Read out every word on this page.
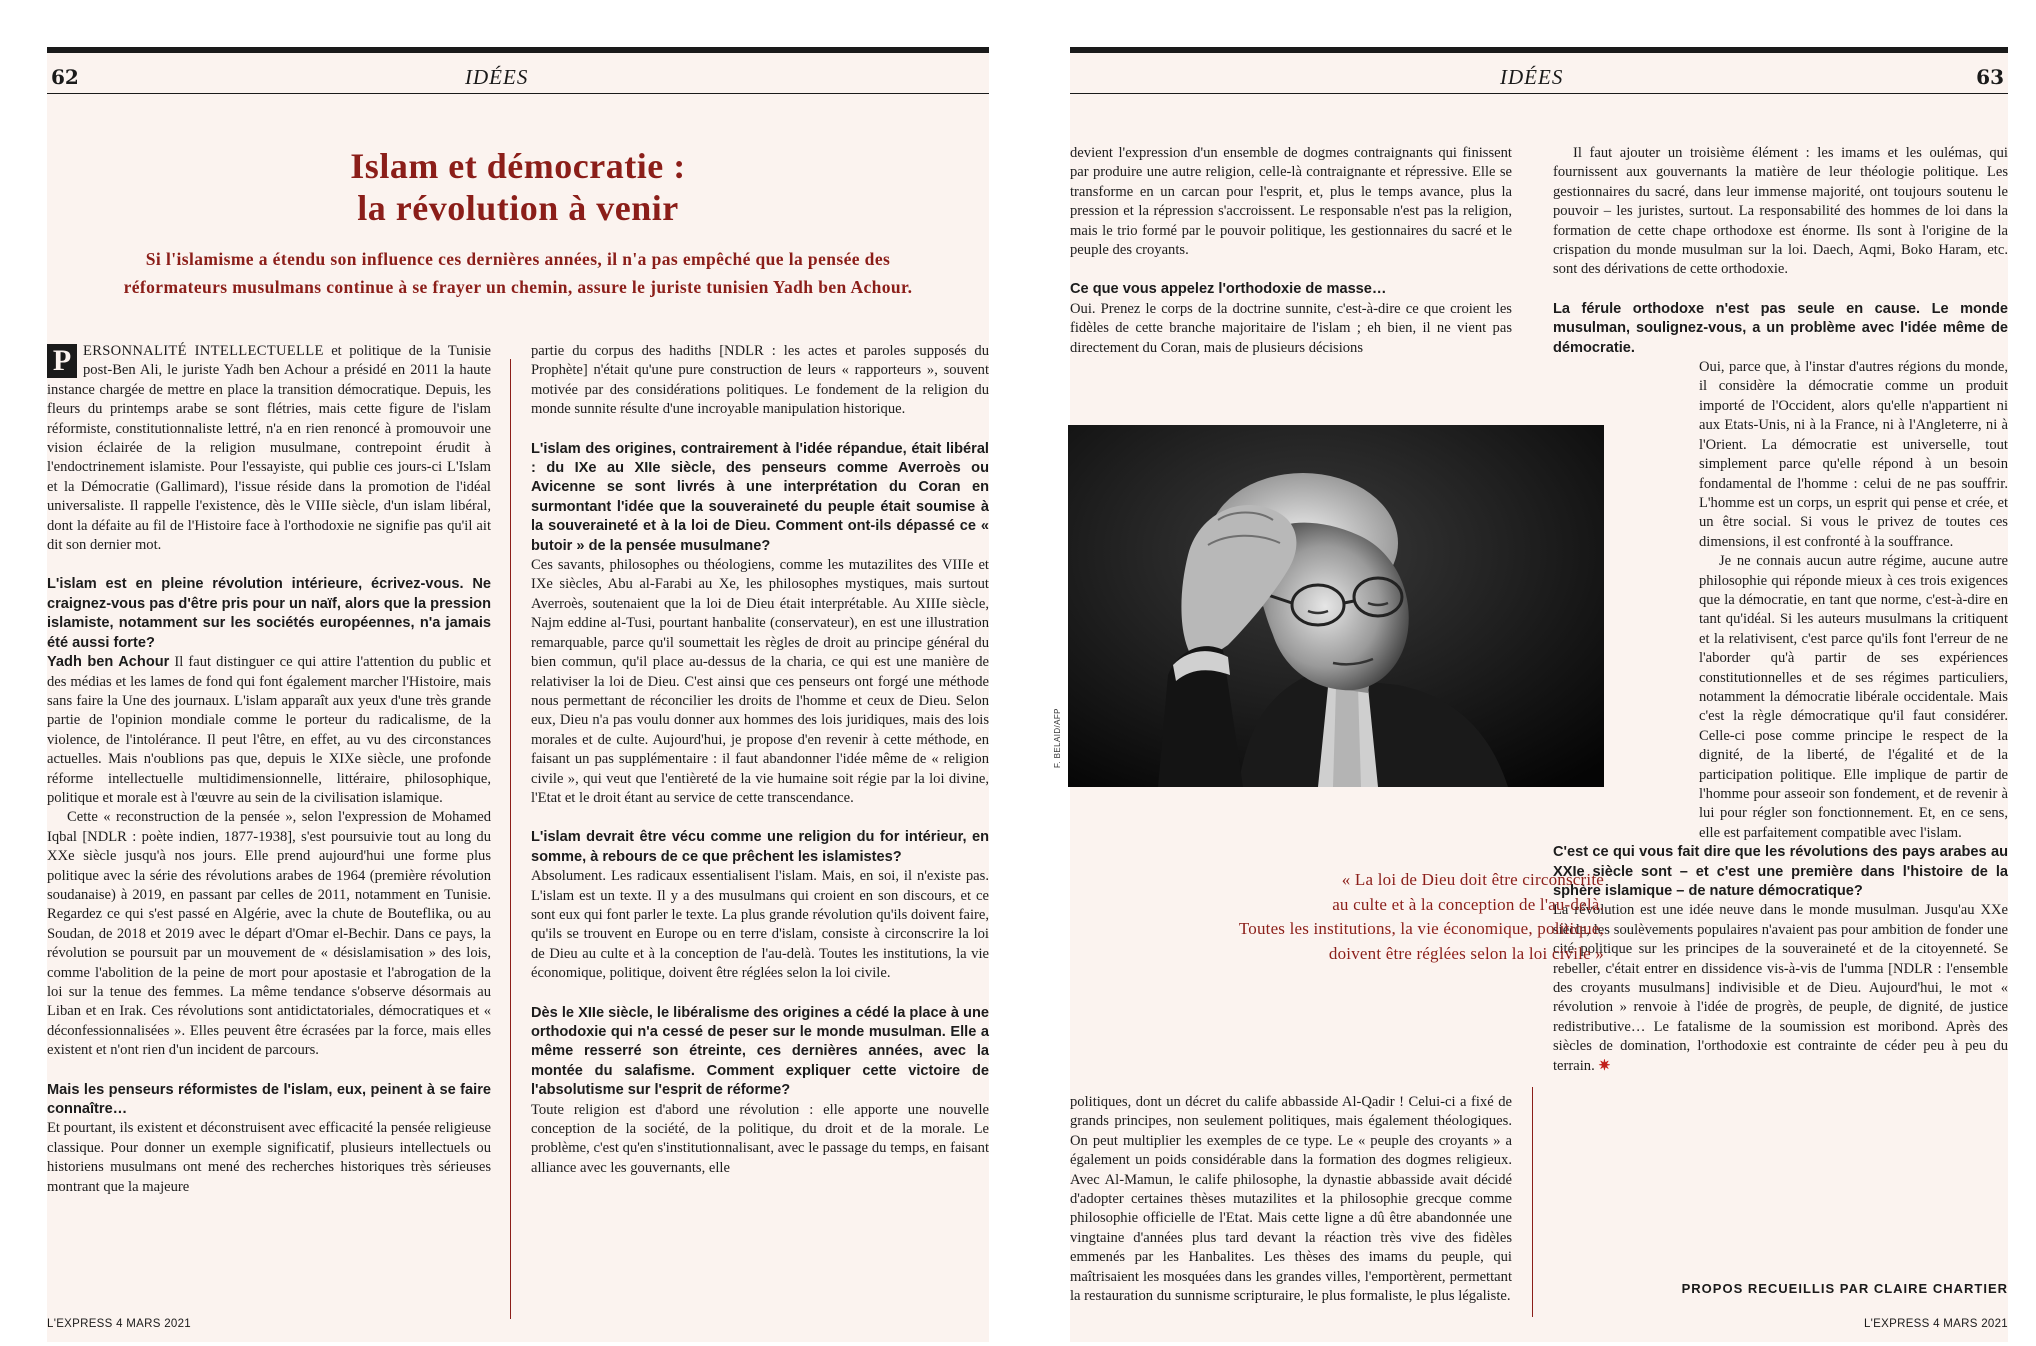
62	IDÉES
Islam et démocratie :
la révolution à venir
Si l'islamisme a étendu son influence ces dernières années, il n'a pas empêché que la pensée des
réformateurs musulmans continue à se frayer un chemin, assure le juriste tunisien Yadh ben Achour.

P ERSONNALITÉ INTELLECTUELLE et politique de la Tunisie post-Ben Ali, le juriste Yadh ben Achour a présidé en 2011 la haute instance chargée de mettre en place la transition démocratique. Depuis, les fleurs du printemps arabe se sont flétries, mais cette figure de l'islam réformiste, constitutionnaliste lettré, n'a en rien renoncé à promouvoir une vision éclairée de la religion musulmane, contrepoint érudit à l'endoctrinement islamiste. Pour l'essayiste, qui publie ces jours-ci L'Islam et la Démocratie (Gallimard), l'issue réside dans la promotion de l'idéal universaliste. Il rappelle l'existence, dès le VIIIe siècle, d'un islam libéral, dont la défaite au fil de l'Histoire face à l'orthodoxie ne signifie pas qu'il ait dit son dernier mot.

L'islam est en pleine révolution intérieure, écrivez-vous. Ne craignez-vous pas d'être pris pour un naïf, alors que la pression islamiste, notamment sur les sociétés européennes, n'a jamais été aussi forte?

Yadh ben Achour Il faut distinguer ce qui attire l'attention du public et des médias et les lames de fond qui font également marcher l'Histoire, mais sans faire la Une des journaux. L'islam apparaît aux yeux d'une très grande partie de l'opinion mondiale comme le porteur du radicalisme, de la violence, de l'intolérance. Il peut l'être, en effet, au vu des circonstances actuelles. Mais n'oublions pas que, depuis le XIXe siècle, une profonde réforme intellectuelle multidimensionnelle, littéraire, philosophique, politique et morale est à l'œuvre au sein de la civilisation islamique.

Cette « reconstruction de la pensée », selon l'expression de Mohamed Iqbal [NDLR : poète indien, 1877-1938], s'est poursuivie tout au long du XXe siècle jusqu'à nos jours. Elle prend aujourd'hui une forme plus politique avec la série des révolutions arabes de 1964 (première révolution soudanaise) à 2019, en passant par celles de 2011, notamment en Tunisie. Regardez ce qui s'est passé en Algérie, avec la chute de Bouteflika, ou au Soudan, de 2018 et 2019 avec le départ d'Omar el-Bechir. Dans ce pays, la révolution se poursuit par un mouvement de « désislamisation » des lois, comme l'abolition de la peine de mort pour apostasie et l'abrogation de la loi sur la tenue des femmes. La même tendance s'observe désormais au Liban et en Irak. Ces révolutions sont antidictatoriales, démocratiques et « déconfessionnalisées ». Elles peuvent être écrasées par la force, mais elles existent et n'ont rien d'un incident de parcours.

Mais les penseurs réformistes de l'islam, eux, peinent à se faire connaître…

Et pourtant, ils existent et déconstruisent avec efficacité la pensée religieuse classique. Pour donner un exemple significatif, plusieurs intellectuels ou historiens musulmans ont mené des recherches historiques très sérieuses montrant que la majeure

partie du corpus des hadiths [NDLR : les actes et paroles supposés du Prophète] n'était qu'une pure construction de leurs « rapporteurs », souvent motivée par des considérations politiques. Le fondement de la religion du monde sunnite résulte d'une incroyable manipulation historique.

L'islam des origines, contrairement à l'idée répandue, était libéral : du IXe au XIIe siècle, des penseurs comme Averroès ou Avicenne se sont livrés à une interprétation du Coran en surmontant l'idée que la souveraineté du peuple était soumise à la souveraineté et à la loi de Dieu. Comment ont-ils dépassé ce « butoir » de la pensée musulmane?

Ces savants, philosophes ou théologiens, comme les mutazilites des VIIIe et IXe siècles, Abu al-Farabi au Xe, les philosophes mystiques, mais surtout Averroès, soutenaient que la loi de Dieu était interprétable. Au XIIIe siècle, Najm eddine al-Tusi, pourtant hanbalite (conservateur), en est une illustration remarquable, parce qu'il soumettait les règles de droit au principe général du bien commun, qu'il place au-dessus de la charia, ce qui est une manière de relativiser la loi de Dieu. C'est ainsi que ces penseurs ont forgé une méthode nous permettant de réconcilier les droits de l'homme et ceux de Dieu. Selon eux, Dieu n'a pas voulu donner aux hommes des lois juridiques, mais des lois morales et de culte. Aujourd'hui, je propose d'en revenir à cette méthode, en faisant un pas supplémentaire : il faut abandonner l'idée même de « religion civile », qui veut que l'entièreté de la vie humaine soit régie par la loi divine, l'Etat et le droit étant au service de cette transcendance.

L'islam devrait être vécu comme une religion du for intérieur, en somme, à rebours de ce que prêchent les islamistes?

Absolument. Les radicaux essentialisent l'islam. Mais, en soi, il n'existe pas. L'islam est un texte. Il y a des musulmans qui croient en son discours, et ce sont eux qui font parler le texte. La plus grande révolution qu'ils doivent faire, qu'ils se trouvent en Europe ou en terre d'islam, consiste à circonscrire la loi de Dieu au culte et à la conception de l'au-delà. Toutes les institutions, la vie économique, politique, doivent être réglées selon la loi civile.

Dès le XIIe siècle, le libéralisme des origines a cédé la place à une orthodoxie qui n'a cessé de peser sur le monde musulman. Elle a même resserré son étreinte, ces dernières années, avec la montée du salafisme. Comment expliquer cette victoire de l'absolutisme sur l'esprit de réforme?

Toute religion est d'abord une révolution : elle apporte une nouvelle conception de la société, de la politique, du droit et de la morale. Le problème, c'est qu'en s'institutionnalisant, avec le passage du temps, en faisant alliance avec les gouvernants, elle

L'EXPRESS 4 MARS 2021
IDÉES	63

devient l'expression d'un ensemble de dogmes contraignants qui finissent par produire une autre religion, celle-là contraignante et répressive. Elle se transforme en un carcan pour l'esprit, et, plus le temps avance, plus la pression et la répression s'accroissent. Le responsable n'est pas la religion, mais le trio formé par le pouvoir politique, les gestionnaires du sacré et le peuple des croyants.

Ce que vous appelez l'orthodoxie de masse…

Oui. Prenez le corps de la doctrine sunnite, c'est-à-dire ce que croient les fidèles de cette branche majoritaire de l'islam ; eh bien, il ne vient pas directement du Coran, mais de plusieurs décisions

politiques, dont un décret du calife abbasside Al-Qadir ! Celui-ci a fixé de grands principes, non seulement politiques, mais également théologiques. On peut multiplier les exemples de ce type. Le « peuple des croyants » a également un poids considérable dans la formation des dogmes religieux. Avec Al-Mamun, le calife philosophe, la dynastie abbasside avait décidé d'adopter certaines thèses mutazilites et la philosophie grecque comme philosophie officielle de l'Etat. Mais cette ligne a dû être abandonnée une vingtaine d'années plus tard devant la réaction très vive des fidèles emmenés par les Hanbalites. Les thèses des imams du peuple, qui maîtrisaient les mosquées dans les grandes villes, l'emportèrent, permettant la restauration du sunnisme scripturaire, le plus formaliste, le plus légaliste.

Il faut ajouter un troisième élément : les imams et les oulémas, qui fournissent aux gouvernants la matière de leur théologie politique. Les gestionnaires du sacré, dans leur immense majorité, ont toujours soutenu le pouvoir – les juristes, surtout. La responsabilité des hommes de loi dans la formation de cette chape orthodoxe est énorme. Ils sont à l'origine de la crispation du monde musulman sur la loi. Daech, Aqmi, Boko Haram, etc. sont des dérivations de cette orthodoxie.

La férule orthodoxe n'est pas seule en cause. Le monde musulman, soulignez-vous, a un problème avec l'idée même de démocratie.

Oui, parce que, à l'instar d'autres régions du monde, il considère la démocratie comme un produit importé de l'Occident, alors qu'elle n'appartient ni aux Etats-Unis, ni à la France, ni à l'Angleterre, ni à l'Orient. La démocratie est universelle, tout simplement parce qu'elle répond à un besoin fondamental de l'homme : celui de ne pas souffrir. L'homme est un corps, un esprit qui pense et crée, et un être social. Si vous le privez de toutes ces dimensions, il est confronté à la souffrance.

Je ne connais aucun autre régime, aucune autre philosophie qui réponde mieux à ces trois exigences que la démocratie, en tant que norme, c'est-à-dire en tant qu'idéal. Si les auteurs musulmans la critiquent et la relativisent, c'est parce qu'ils font l'erreur de ne l'aborder qu'à partir de ses expériences constitutionnelles et de ses régimes particuliers, notamment la démocratie libérale occidentale. Mais c'est la règle démocratique qu'il faut considérer. Celle-ci pose comme principe le respect de la dignité, de la liberté, de l'égalité et de la participation politique. Elle implique de partir de l'homme pour asseoir son fondement, et de revenir à lui pour régler son fonctionnement. Et, en ce sens, elle est parfaitement compatible avec l'islam.

C'est ce qui vous fait dire que les révolutions des pays arabes au XXIe siècle sont – et c'est une première dans l'histoire de la sphère islamique – de nature démocratique?

La révolution est une idée neuve dans le monde musulman. Jusqu'au XXe siècle, les soulèvements populaires n'avaient pas pour ambition de fonder une cité politique sur les principes de la souveraineté et de la citoyenneté. Se rebeller, c'était entrer en dissidence vis-à-vis de l'umma [NDLR : l'ensemble des croyants musulmans] indivisible et de Dieu. Aujourd'hui, le mot « révolution » renvoie à l'idée de progrès, de peuple, de dignité, de justice redistributive… Le fatalisme de la soumission est moribond. Après des siècles de domination, l'orthodoxie est contrainte de céder peu à peu du terrain. ✷

PROPOS RECUEILLIS PAR CLAIRE CHARTIER
L'EXPRESS 4 MARS 2021
F. BELAID/AFP
« La loi de Dieu doit être circonscrite
au culte et à la conception de l'au-delà.
Toutes les institutions, la vie économique, politique,
doivent être réglées selon la loi civile »
